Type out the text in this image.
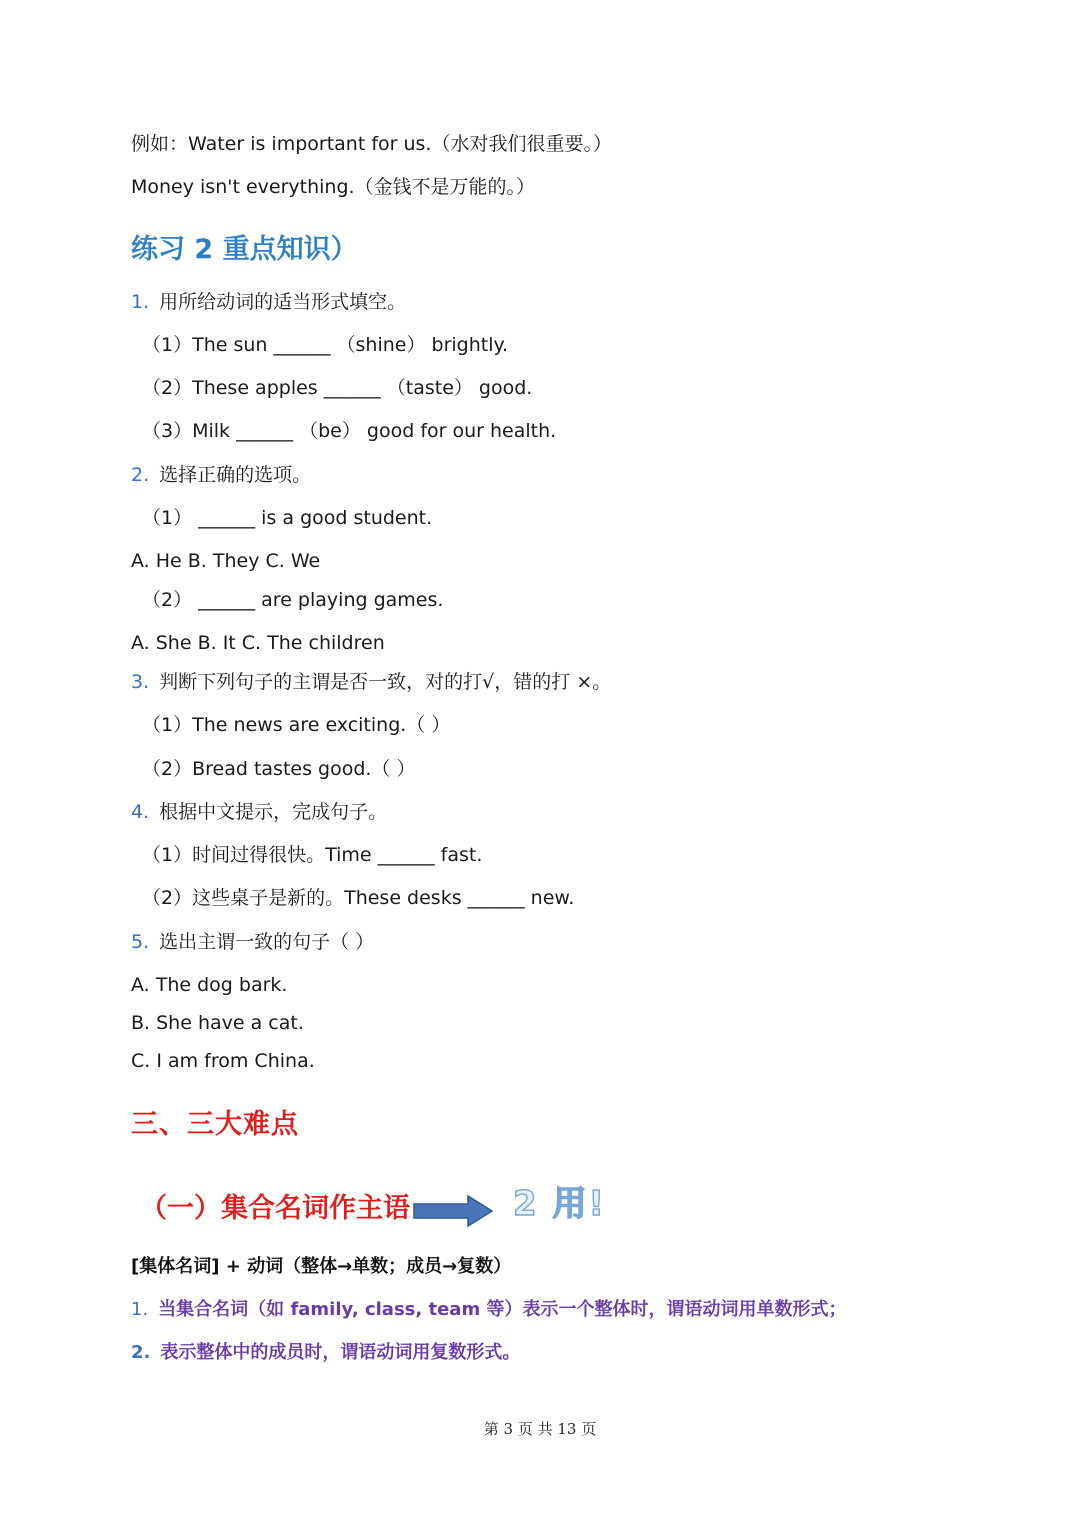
例如：Water is important for us.（水对我们很重要。）
Money isn't everything.（金钱不是万能的。）
练习 2 重点知识）
1. 用所给动词的适当形式填空。
（1）The sun ______ （shine） brightly.
（2）These apples ______ （taste） good.
（3）Milk ______ （be） good for our health.
2. 选择正确的选项。
（1） ______ is a good student.
A. He B. They C. We
（2） ______ are playing games.
A. She B. It C. The children
3. 判断下列句子的主谓是否一致，对的打√，错的打 ×。
（1）The news are exciting.（ ）
（2）Bread tastes good.（ ）
4. 根据中文提示，完成句子。
（1）时间过得很快。Time ______ fast.
（2）这些桌子是新的。These desks ______ new.
5. 选出主谓一致的句子（ ）
A. The dog bark.
B. She have a cat.
C. I am from China.
三、三大难点
（一）集合名词作主语	2 用!
[集体名词] + 动词（整体→单数；成员→复数）
1. 当集合名词（如 family, class, team 等）表示一个整体时，谓语动词用单数形式；
2. 表示整体中的成员时，谓语动词用复数形式。
第 3 页 共 13 页
